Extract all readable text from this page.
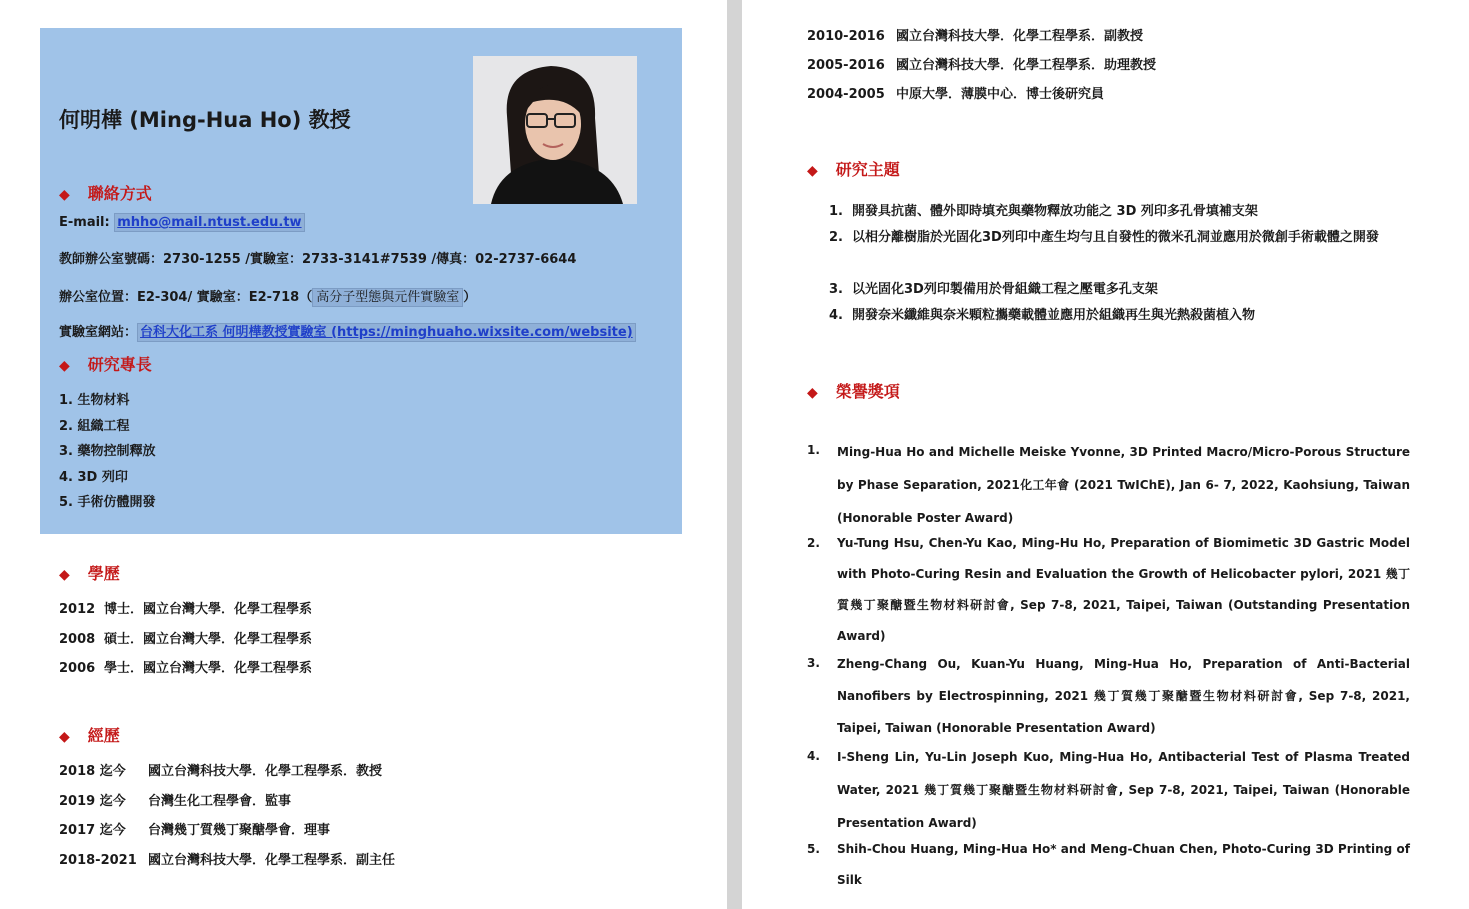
何明樺 (Ming-Hua Ho) 教授
◆ 聯絡方式
E-mail: mhho@mail.ntust.edu.tw
教師辦公室號碼：2730-1255 /實驗室：2733-3141#7539 /傳真：02-2737-6644
辦公室位置：E2-304/ 實驗室：E2-718（ 高分子型態與元件實驗室 ）
實驗室網站： 台科大化工系 何明樺教授實驗室 (https://minghuaho.wixsite.com/website)
◆ 研究專長
1. 生物材料
2. 組織工程
3. 藥物控制釋放
4. 3D 列印
5. 手術仿體開發
◆ 學歷
2012 博士．國立台灣大學．化學工程學系
2008 碩士．國立台灣大學．化學工程學系
2006 學士．國立台灣大學．化學工程學系
◆ 經歷
2018 迄今 國立台灣科技大學．化學工程學系．教授
2019 迄今 台灣生化工程學會．監事
2017 迄今 台灣幾丁質幾丁聚醣學會．理事
2018-2021 國立台灣科技大學．化學工程學系．副主任
2010-2016 國立台灣科技大學．化學工程學系．副教授
2005-2016 國立台灣科技大學．化學工程學系．助理教授
2004-2005 中原大學．薄膜中心．博士後研究員
◆ 研究主題
1. 開發具抗菌、體外即時填充與藥物釋放功能之 3D 列印多孔骨填補支架
2. 以相分離樹脂於光固化3D列印中產生均勻且自發性的微米孔洞並應用於微創手術載體之開發
3. 以光固化3D列印製備用於骨組織工程之壓電多孔支架
4. 開發奈米纖維與奈米顆粒攜藥載體並應用於組織再生與光熱殺菌植入物
◆ 榮譽獎項
1. Ming-Hua Ho and Michelle Meiske Yvonne, 3D Printed Macro/Micro-Porous Structure by Phase Separation, 2021化工年會 (2021 TwIChE), Jan 6- 7, 2022, Kaohsiung, Taiwan (Honorable Poster Award)
2. Yu-Tung Hsu, Chen-Yu Kao, Ming-Hu Ho, Preparation of Biomimetic 3D Gastric Model with Photo-Curing Resin and Evaluation the Growth of Helicobacter pylori, 2021 幾丁質幾丁聚醣暨生物材料研討會, Sep 7-8, 2021, Taipei, Taiwan (Outstanding Presentation Award)
3. Zheng-Chang Ou, Kuan-Yu Huang, Ming-Hua Ho, Preparation of Anti-Bacterial Nanofibers by Electrospinning, 2021 幾丁質幾丁聚醣暨生物材料研討會, Sep 7-8, 2021, Taipei, Taiwan (Honorable Presentation Award)
4. I-Sheng Lin, Yu-Lin Joseph Kuo, Ming-Hua Ho, Antibacterial Test of Plasma Treated Water, 2021 幾丁質幾丁聚醣暨生物材料研討會, Sep 7-8, 2021, Taipei, Taiwan (Honorable Presentation Award)
5. Shih-Chou Huang, Ming-Hua Ho* and Meng-Chuan Chen, Photo-Curing 3D Printing of Silk
